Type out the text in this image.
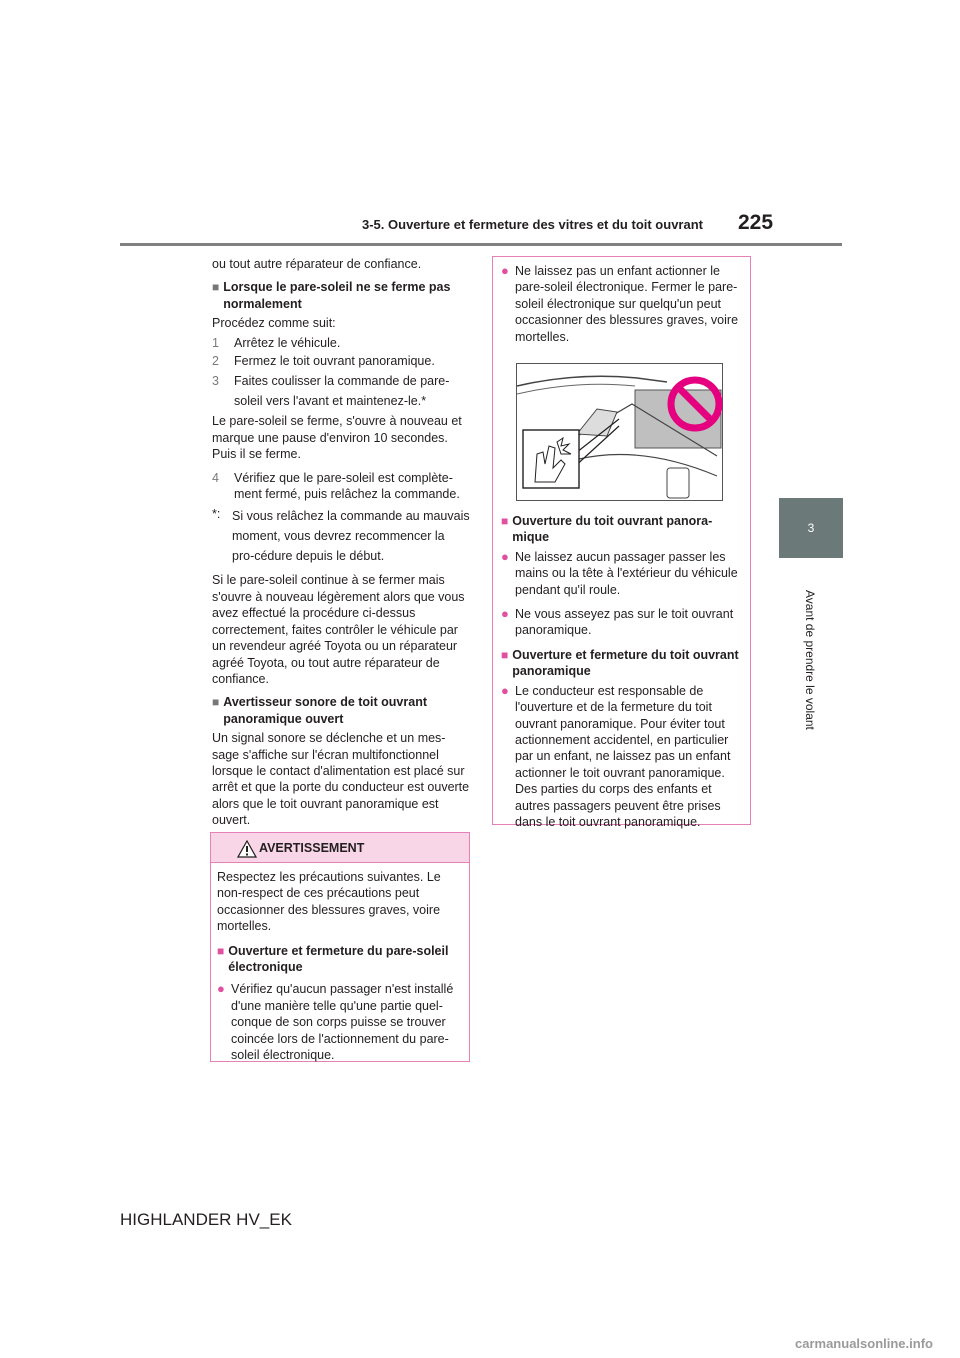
3-5. Ouverture et fermeture des vitres et du toit ouvrant 225
3
Avant de prendre le volant

ou tout autre réparateur de confiance.

■ Lorsque le pare-soleil ne se ferme pas normalement

Procédez comme suit:

1	Arrêtez le véhicule.
2	Fermez le toit ouvrant panoramique.
3	Faites coulisser la commande de pare-soleil vers l'avant et maintenez-le.*

Le pare-soleil se ferme, s'ouvre à nouveau et marque une pause d'environ 10 secondes. Puis il se ferme.

4	Vérifiez que le pare-soleil est complète-ment fermé, puis relâchez la commande.
*: Si vous relâchez la commande au mauvais moment, vous devrez recommencer la pro-cédure depuis le début.

Si le pare-soleil continue à se fermer mais s'ouvre à nouveau légèrement alors que vous avez effectué la procédure ci-dessus correctement, faites contrôler le véhicule par un revendeur agréé Toyota ou un réparateur agréé Toyota, ou tout autre réparateur de confiance.

■ Avertisseur sonore de toit ouvrant panoramique ouvert

Un signal sonore se déclenche et un mes-sage s'affiche sur l'écran multifonctionnel lorsque le contact d'alimentation est placé sur arrêt et que la porte du conducteur est ouverte alors que le toit ouvrant panoramique est ouvert.

AVERTISSEMENT

Respectez les précautions suivantes. Le non-respect de ces précautions peut occasionner des blessures graves, voire mortelles.

■ Ouverture et fermeture du pare-soleil électronique
● Vérifiez qu'aucun passager n'est installé d'une manière telle qu'une partie quel-conque de son corps puisse se trouver coincée lors de l'actionnement du pare-soleil électronique.
● Ne laissez pas un enfant actionner le pare-soleil électronique. Fermer le pare-soleil électronique sur quelqu'un peut occasionner des blessures graves, voire mortelles.
■ Ouverture du toit ouvrant panora-mique
● Ne laissez aucun passager passer les mains ou la tête à l'extérieur du véhicule pendant qu'il roule.
● Ne vous asseyez pas sur le toit ouvrant panoramique.
■ Ouverture et fermeture du toit ouvrant panoramique
● Le conducteur est responsable de l'ouverture et de la fermeture du toit ouvrant panoramique. Pour éviter tout actionnement accidentel, en particulier par un enfant, ne laissez pas un enfant actionner le toit ouvrant panoramique. Des parties du corps des enfants et autres passagers peuvent être prises dans le toit ouvrant panoramique.
HIGHLANDER HV_EK
carmanualsonline.info
